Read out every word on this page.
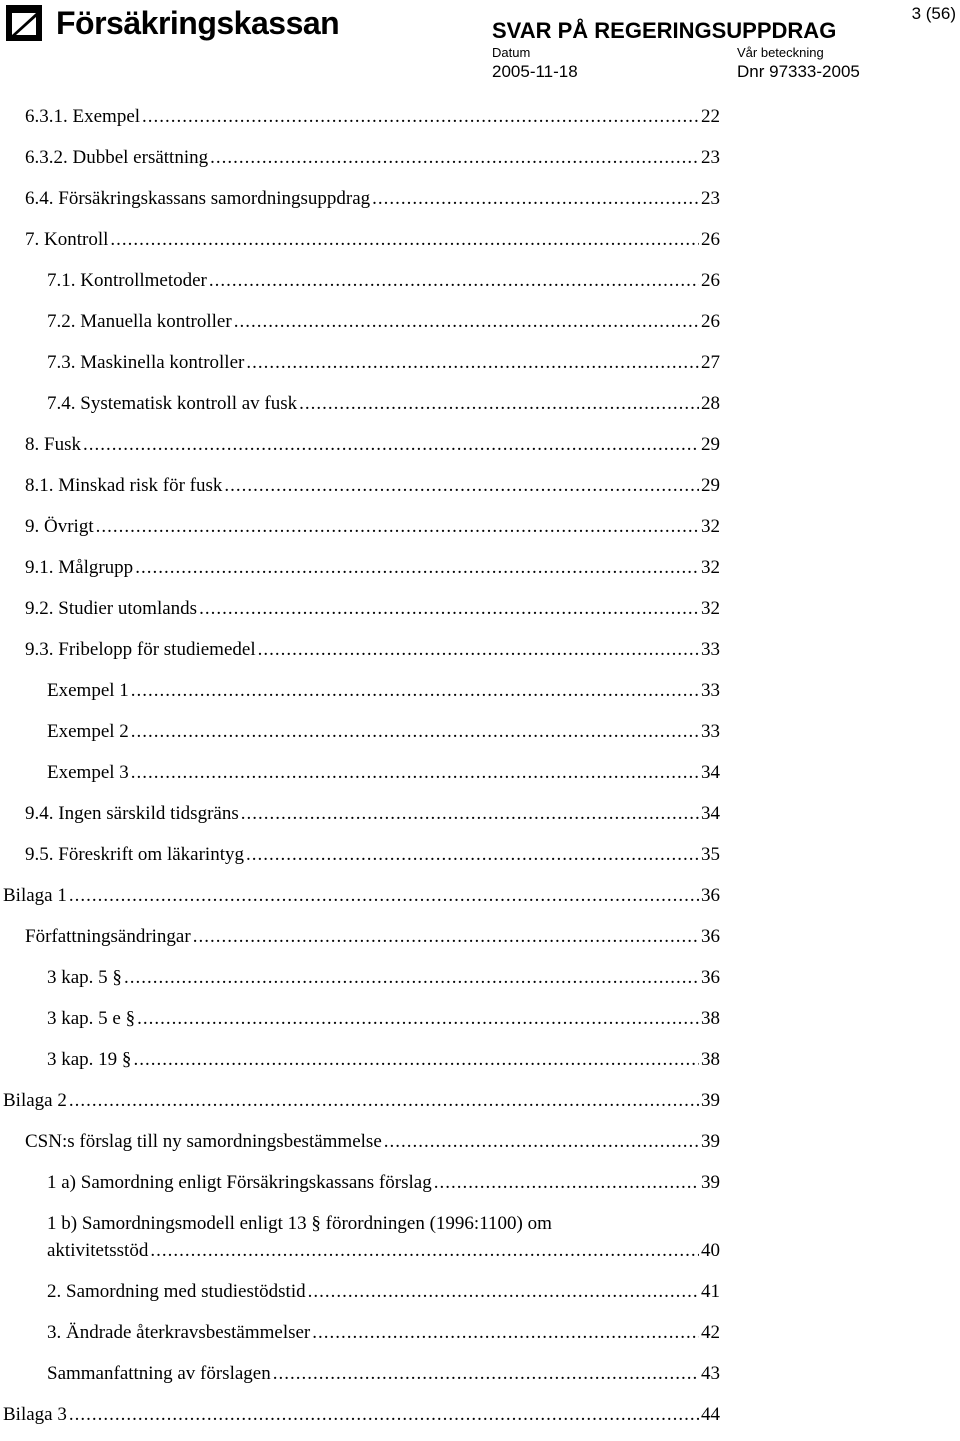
Försäkringskassan	3 (56)
SVAR PÅ REGERINGSUPPDRAG
Datum
2005-11-18
Vår beteckning
Dnr 97333-2005
6.3.1. Exempel .....	22
6.3.2. Dubbel ersättning .....	23
6.4. Försäkringskassans samordningsuppdrag .....	23
7. Kontroll .....	26
7.1. Kontrollmetoder .....	26
7.2. Manuella kontroller .....	26
7.3. Maskinella kontroller .....	27
7.4. Systematisk kontroll av fusk .....	28
8. Fusk .....	29
8.1. Minskad risk för fusk .....	29
9. Övrigt .....	32
9.1. Målgrupp .....	32
9.2. Studier utomlands .....	32
9.3. Fribelopp för studiemedel .....	33
Exempel 1 .....	33
Exempel 2 .....	33
Exempel 3 .....	34
9.4. Ingen särskild tidsgräns .....	34
9.5. Föreskrift om läkarintyg .....	35
Bilaga 1 .....	36
Författningsändringar .....	36
3 kap. 5 § .....	36
3 kap. 5 e § .....	38
3 kap. 19 § .....	38
Bilaga 2 .....	39
CSN:s förslag till ny samordningsbestämmelse .....	39
1 a) Samordning enligt Försäkringskassans förslag .....	39
1 b) Samordningsmodell enligt 13 § förordningen (1996:1100) om
aktivitetsstöd .....	40
2. Samordning med studiestödstid .....	41
3. Ändrade återkravsbestämmelser .....	42
Sammanfattning av förslagen .....	43
Bilaga 3 .....	44
